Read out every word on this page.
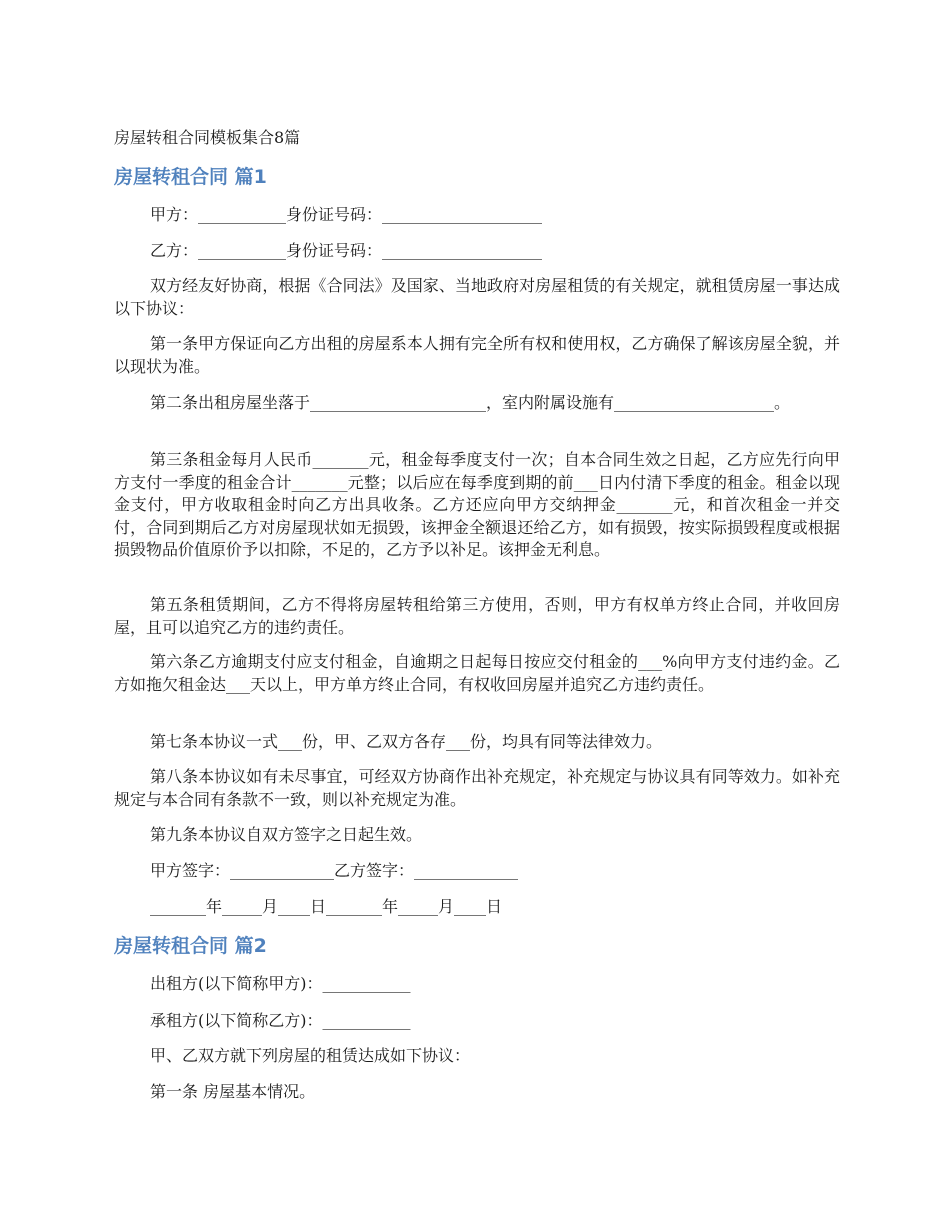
房屋转租合同模板集合8篇
房屋转租合同 篇1
甲方：___________身份证号码：____________________
乙方：___________身份证号码：____________________
双方经友好协商，根据《合同法》及国家、当地政府对房屋租赁的有关规定，就租赁房屋一事达成以下协议：
第一条甲方保证向乙方出租的房屋系本人拥有完全所有权和使用权，乙方确保了解该房屋全貌，并以现状为准。
第二条出租房屋坐落于______________________，室内附属设施有____________________。
第三条租金每月人民币_______元，租金每季度支付一次；自本合同生效之日起，乙方应先行向甲方支付一季度的租金合计_______元整；以后应在每季度到期的前___日内付清下季度的租金。租金以现金支付，甲方收取租金时向乙方出具收条。乙方还应向甲方交纳押金_______元，和首次租金一并交付，合同到期后乙方对房屋现状如无损毁，该押金全额退还给乙方，如有损毁，按实际损毁程度或根据损毁物品价值原价予以扣除，不足的，乙方予以补足。该押金无利息。
第五条租赁期间，乙方不得将房屋转租给第三方使用，否则，甲方有权单方终止合同，并收回房屋，且可以追究乙方的违约责任。
第六条乙方逾期支付应支付租金，自逾期之日起每日按应交付租金的___%向甲方支付违约金。乙方如拖欠租金达___天以上，甲方单方终止合同，有权收回房屋并追究乙方违约责任。
第七条本协议一式___份，甲、乙双方各存___份，均具有同等法律效力。
第八条本协议如有未尽事宜，可经双方协商作出补充规定，补充规定与协议具有同等效力。如补充规定与本合同有条款不一致，则以补充规定为准。
第九条本协议自双方签字之日起生效。
甲方签字：_____________乙方签字：_____________
_______年_____月____日_______年_____月____日
房屋转租合同 篇2
出租方(以下简称甲方)：___________
承租方(以下简称乙方)：___________
甲、乙双方就下列房屋的租赁达成如下协议：
第一条 房屋基本情况。
